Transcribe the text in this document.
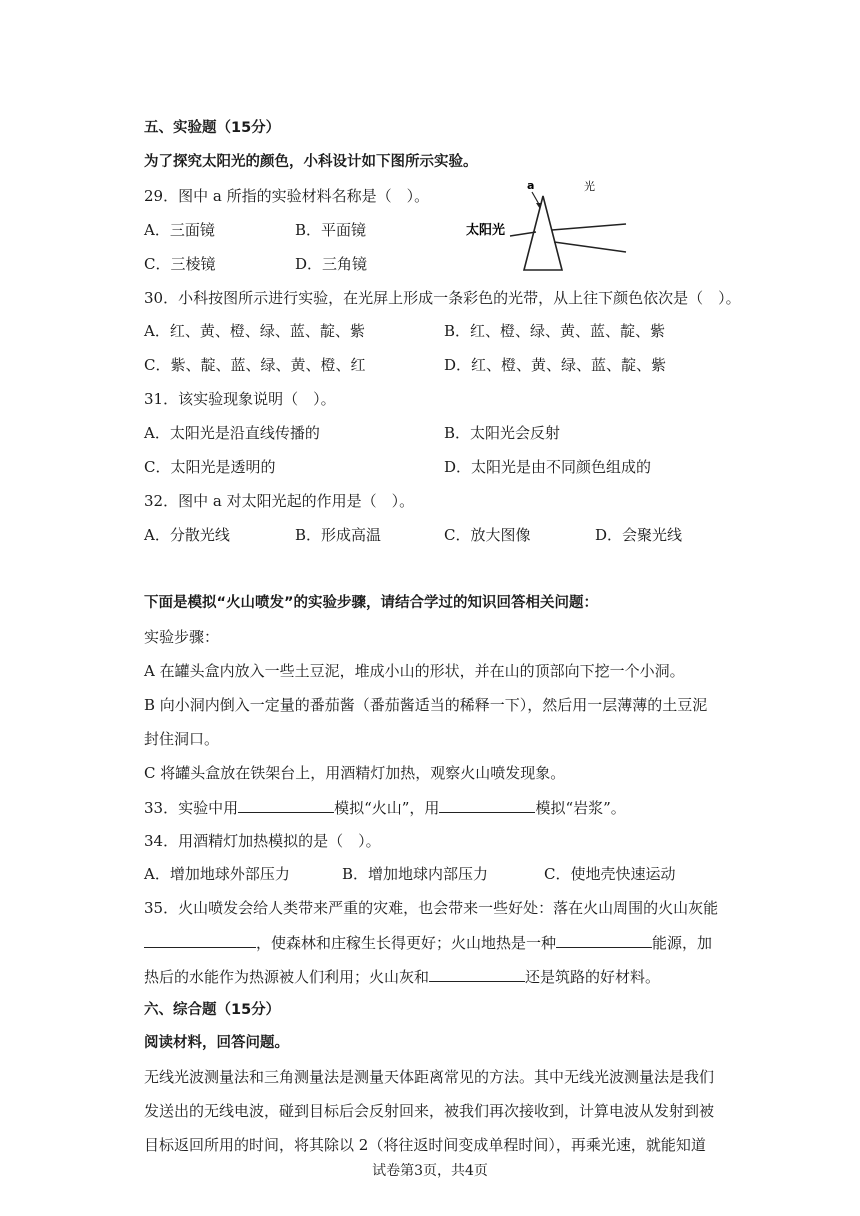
五、实验题（15分）
为了探究太阳光的颜色，小科设计如下图所示实验。
29．图中 a 所指的实验材料名称是（　）。
A．三面镜	B．平面镜
C．三棱镜	D．三角镜
a	光
太阳光
30．小科按图所示进行实验，在光屏上形成一条彩色的光带，从上往下颜色依次是（　）。
A．红、黄、橙、绿、蓝、靛、紫	B．红、橙、绿、黄、蓝、靛、紫
C．紫、靛、蓝、绿、黄、橙、红	D．红、橙、黄、绿、蓝、靛、紫
31．该实验现象说明（　）。
A．太阳光是沿直线传播的	B．太阳光会反射
C．太阳光是透明的	D．太阳光是由不同颜色组成的
32．图中 a 对太阳光起的作用是（　）。
A．分散光线	B．形成高温	C．放大图像	D．会聚光线
下面是模拟“火山喷发”的实验步骤，请结合学过的知识回答相关问题：
实验步骤：
A 在罐头盒内放入一些土豆泥，堆成小山的形状，并在山的顶部向下挖一个小洞。
B 向小洞内倒入一定量的番茄酱（番茄酱适当的稀释一下），然后用一层薄薄的土豆泥
封住洞口。
C 将罐头盒放在铁架台上，用酒精灯加热，观察火山喷发现象。
33．实验中用	模拟“火山”，用	模拟“岩浆”。
34．用酒精灯加热模拟的是（　）。
A．增加地球外部压力	B．增加地球内部压力	C．使地壳快速运动
35．火山喷发会给人类带来严重的灾难，也会带来一些好处：落在火山周围的火山灰能
，使森林和庄稼生长得更好；火山地热是一种	能源，加
热后的水能作为热源被人们利用；火山灰和	还是筑路的好材料。
六、综合题（15分）
阅读材料，回答问题。
无线光波测量法和三角测量法是测量天体距离常见的方法。其中无线光波测量法是我们
发送出的无线电波，碰到目标后会反射回来，被我们再次接收到，计算电波从发射到被
目标返回所用的时间，将其除以 2（将往返时间变成单程时间），再乘光速，就能知道
试卷第3页，共4页
